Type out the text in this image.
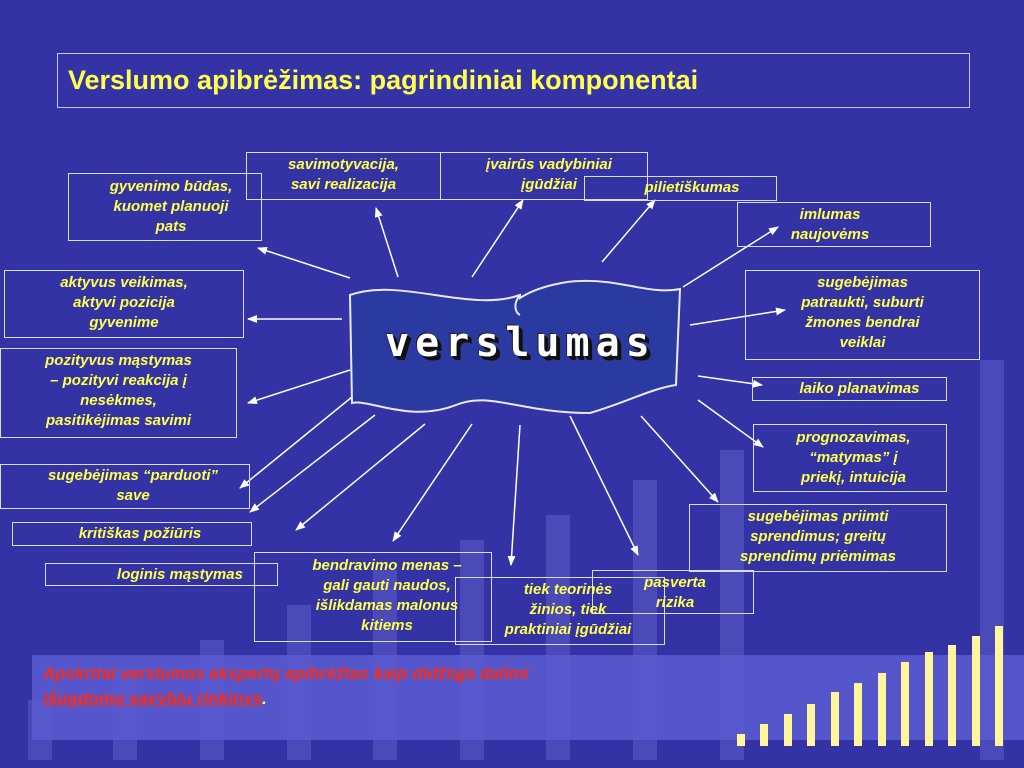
Verslumo apibrėžimas: pagrindiniai komponentai
verslumas
savimotyvacija,
savi realizacija
įvairūs vadybiniai
įgūdžiai	pilietiškumas
gyvenimo būdas,
kuomet planuoji
pats
imlumas
naujovėms
aktyvus veikimas,
aktyvi pozicija
gyvenime
sugebėjimas
patraukti, suburti
žmones bendrai
veiklai
pozityvus mąstymas
– pozityvi reakcija į
nesėkmes,
pasitikėjimas savimi
laiko planavimas
prognozavimas,
“matymas” į
priekį, intuicija
sugebėjimas “parduoti”
save
kritiškas požiūris
sugebėjimas priimti
sprendimus; greitų
sprendimų priėmimas
loginis mąstymas
bendravimo menas –
gali gauti naudos,
išlikdamas malonus
kitiems
tiek teorinės
žinios, tiek
praktiniai įgūdžiai
pasverta
rizika
Apskritai verslumas ekspertų apibrėžtas kaip didžiąja dalimi
išugdomų savybių rinkinys.
